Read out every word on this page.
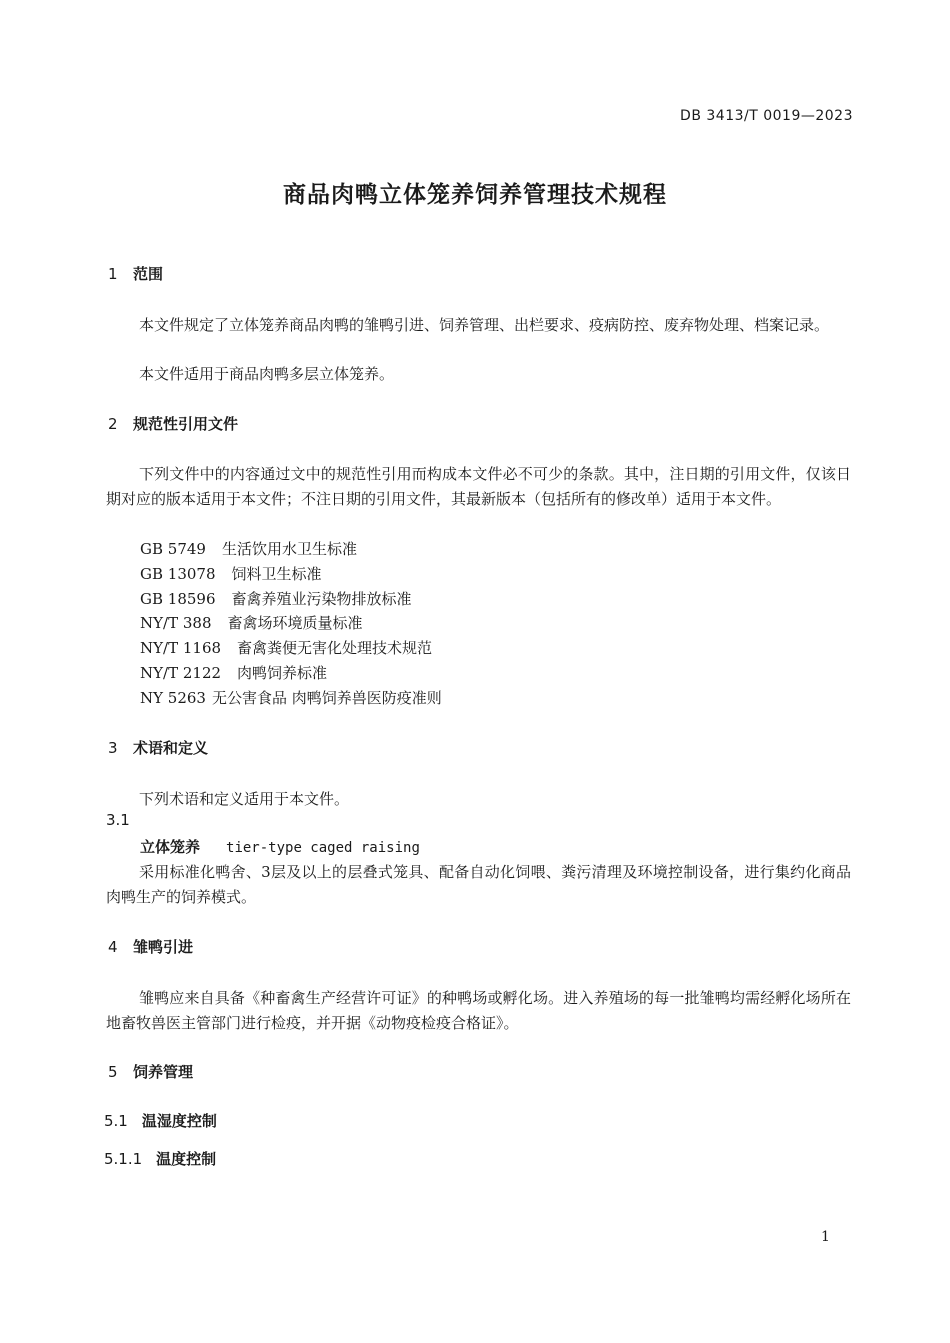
DB 3413/T 0019—2023
商品肉鸭立体笼养饲养管理技术规程
1 范围
本文件规定了立体笼养商品肉鸭的雏鸭引进、饲养管理、出栏要求、疫病防控、废弃物处理、档案记录。
本文件适用于商品肉鸭多层立体笼养。
2 规范性引用文件
下列文件中的内容通过文中的规范性引用而构成本文件必不可少的条款。其中，注日期的引用文件，仅该日期对应的版本适用于本文件；不注日期的引用文件，其最新版本（包括所有的修改单）适用于本文件。
GB 5749 生活饮用水卫生标准
GB 13078 饲料卫生标准
GB 18596 畜禽养殖业污染物排放标准
NY/T 388 畜禽场环境质量标准
NY/T 1168 畜禽粪便无害化处理技术规范
NY/T 2122 肉鸭饲养标准
NY 5263 无公害食品 肉鸭饲养兽医防疫准则
3 术语和定义
下列术语和定义适用于本文件。
3.1
立体笼养 tier-type caged raising
采用标准化鸭舍、3层及以上的层叠式笼具、配备自动化饲喂、粪污清理及环境控制设备，进行集约化商品肉鸭生产的饲养模式。
4 雏鸭引进
雏鸭应来自具备《种畜禽生产经营许可证》的种鸭场或孵化场。进入养殖场的每一批雏鸭均需经孵化场所在地畜牧兽医主管部门进行检疫，并开据《动物疫检疫合格证》。
5 饲养管理
5.1 温湿度控制
5.1.1 温度控制
1
